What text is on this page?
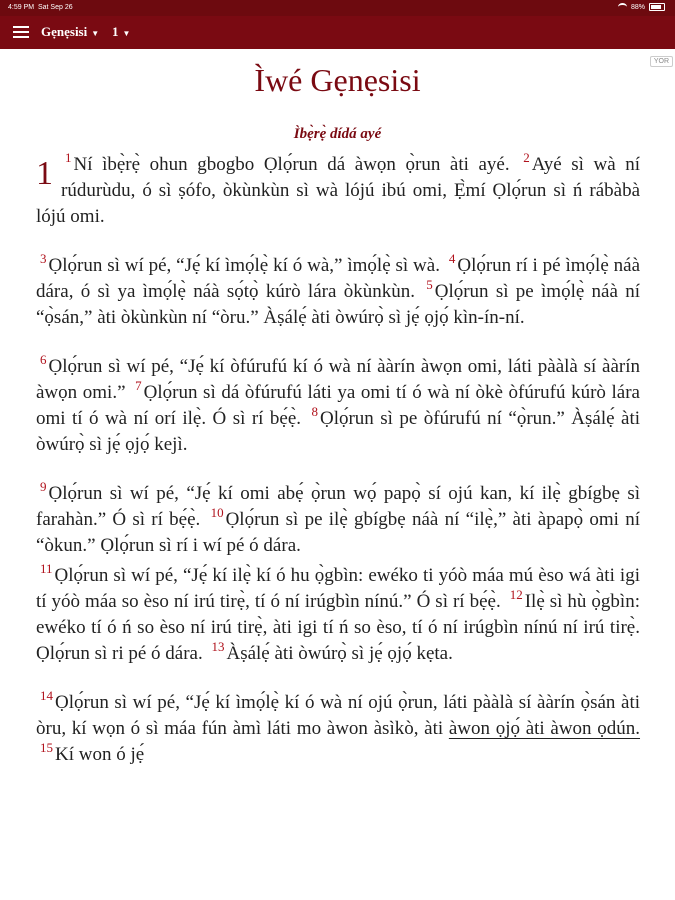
4:59 PM Sat Sep 26	88%
Gẹnẹsisi ▼ 1 ▼
YOR
Ìwé Gẹnẹsisi
Ìbẹ̀rẹ̀ dídá ayé

1 $^1$ Ní ìbẹ̀rẹ̀ ohun gbogbo Ọlọ́run dá àwọn ọ̀run àti ayé. $^2$ Ayé sì wà ní rúdurùdu, ó sì ṣófo, òkùnkùn sì wà lójú ibú omi, Ẹ̀mí Ọlọ́run sì ń rábàbà lójú omi.

$^3$ Ọlọ́run sì wí pé, “Jẹ́ kí ìmọ́lẹ̀ kí ó wà,” ìmọ́lẹ̀ sì wà. $^4$ Ọlọ́run rí i pé ìmọ́lẹ̀ náà dára, ó sì ya ìmọ́lẹ̀ náà sọ́tọ̀ kúrò lára òkùnkùn. $^5$ Ọlọ́run sì pe ìmọ́lẹ̀ náà ní “ọ̀sán,” àti òkùnkùn ní “òru.” Àṣálẹ́ àti òwúrọ̀ sì jẹ́ ọjọ́ kìn-ín-ní.

$^6$ Ọlọ́run sì wí pé, “Jẹ́ kí òfúrufú kí ó wà ní ààrín àwọn omi, láti pààlà sí ààrín àwọn omi.” $^7$ Ọlọ́run sì dá òfúrufú láti ya omi tí ó wà ní òkè òfúrufú kúrò lára omi tí ó wà ní orí ilẹ̀. Ó sì rí bẹ́ẹ̀. $^8$ Ọlọ́run sì pe òfúrufú ní “ọ̀run.” Àṣálẹ́ àti òwúrọ̀ sì jẹ́ ọjọ́ kejì.

$^9$ Ọlọ́run sì wí pé, “Jẹ́ kí omi abẹ́ ọ̀run wọ́ papọ̀ sí ojú kan, kí ilẹ̀ gbígbẹ sì farahàn.” Ó sì rí bẹ́ẹ̀. $^{10}$ Ọlọ́run sì pe ilẹ̀ gbígbẹ náà ní “ilẹ̀,” àti àpapọ̀ omi ní “òkun.” Ọlọ́run sì rí i wí pé ó dára.

$^{11}$ Ọlọ́run sì wí pé, “Jẹ́ kí ilẹ̀ kí ó hu ọ̀gbìn: ewéko ti yóò máa mú èso wá àti igi tí yóò máa so èso ní irú tirẹ̀, tí ó ní irúgbìn nínú.” Ó sì rí bẹ́ẹ̀. $^{12}$ Ilẹ̀ sì hù ọ̀gbìn: ewéko tí ó ń so èso ní irú tirẹ̀, àti igi tí ń so èso, tí ó ní irúgbìn nínú ní irú tirẹ̀. Ọlọ́run sì ri pé ó dára. $^{13}$ Àṣálẹ́ àti òwúrọ̀ sì jẹ́ ọjọ́ kẹta.

$^{14}$ Ọlọ́run sì wí pé, “Jẹ́ kí ìmọ́lẹ̀ kí ó wà ní ojú ọ̀run, láti pààlà sí ààrín ọ̀sán àti òru, kí wọn ó sì máa fún àmì láti mo àwon àsìkò, àti àwon ọjọ́ àti àwon ọdún. $^{15}$ Kí won ó jẹ́
